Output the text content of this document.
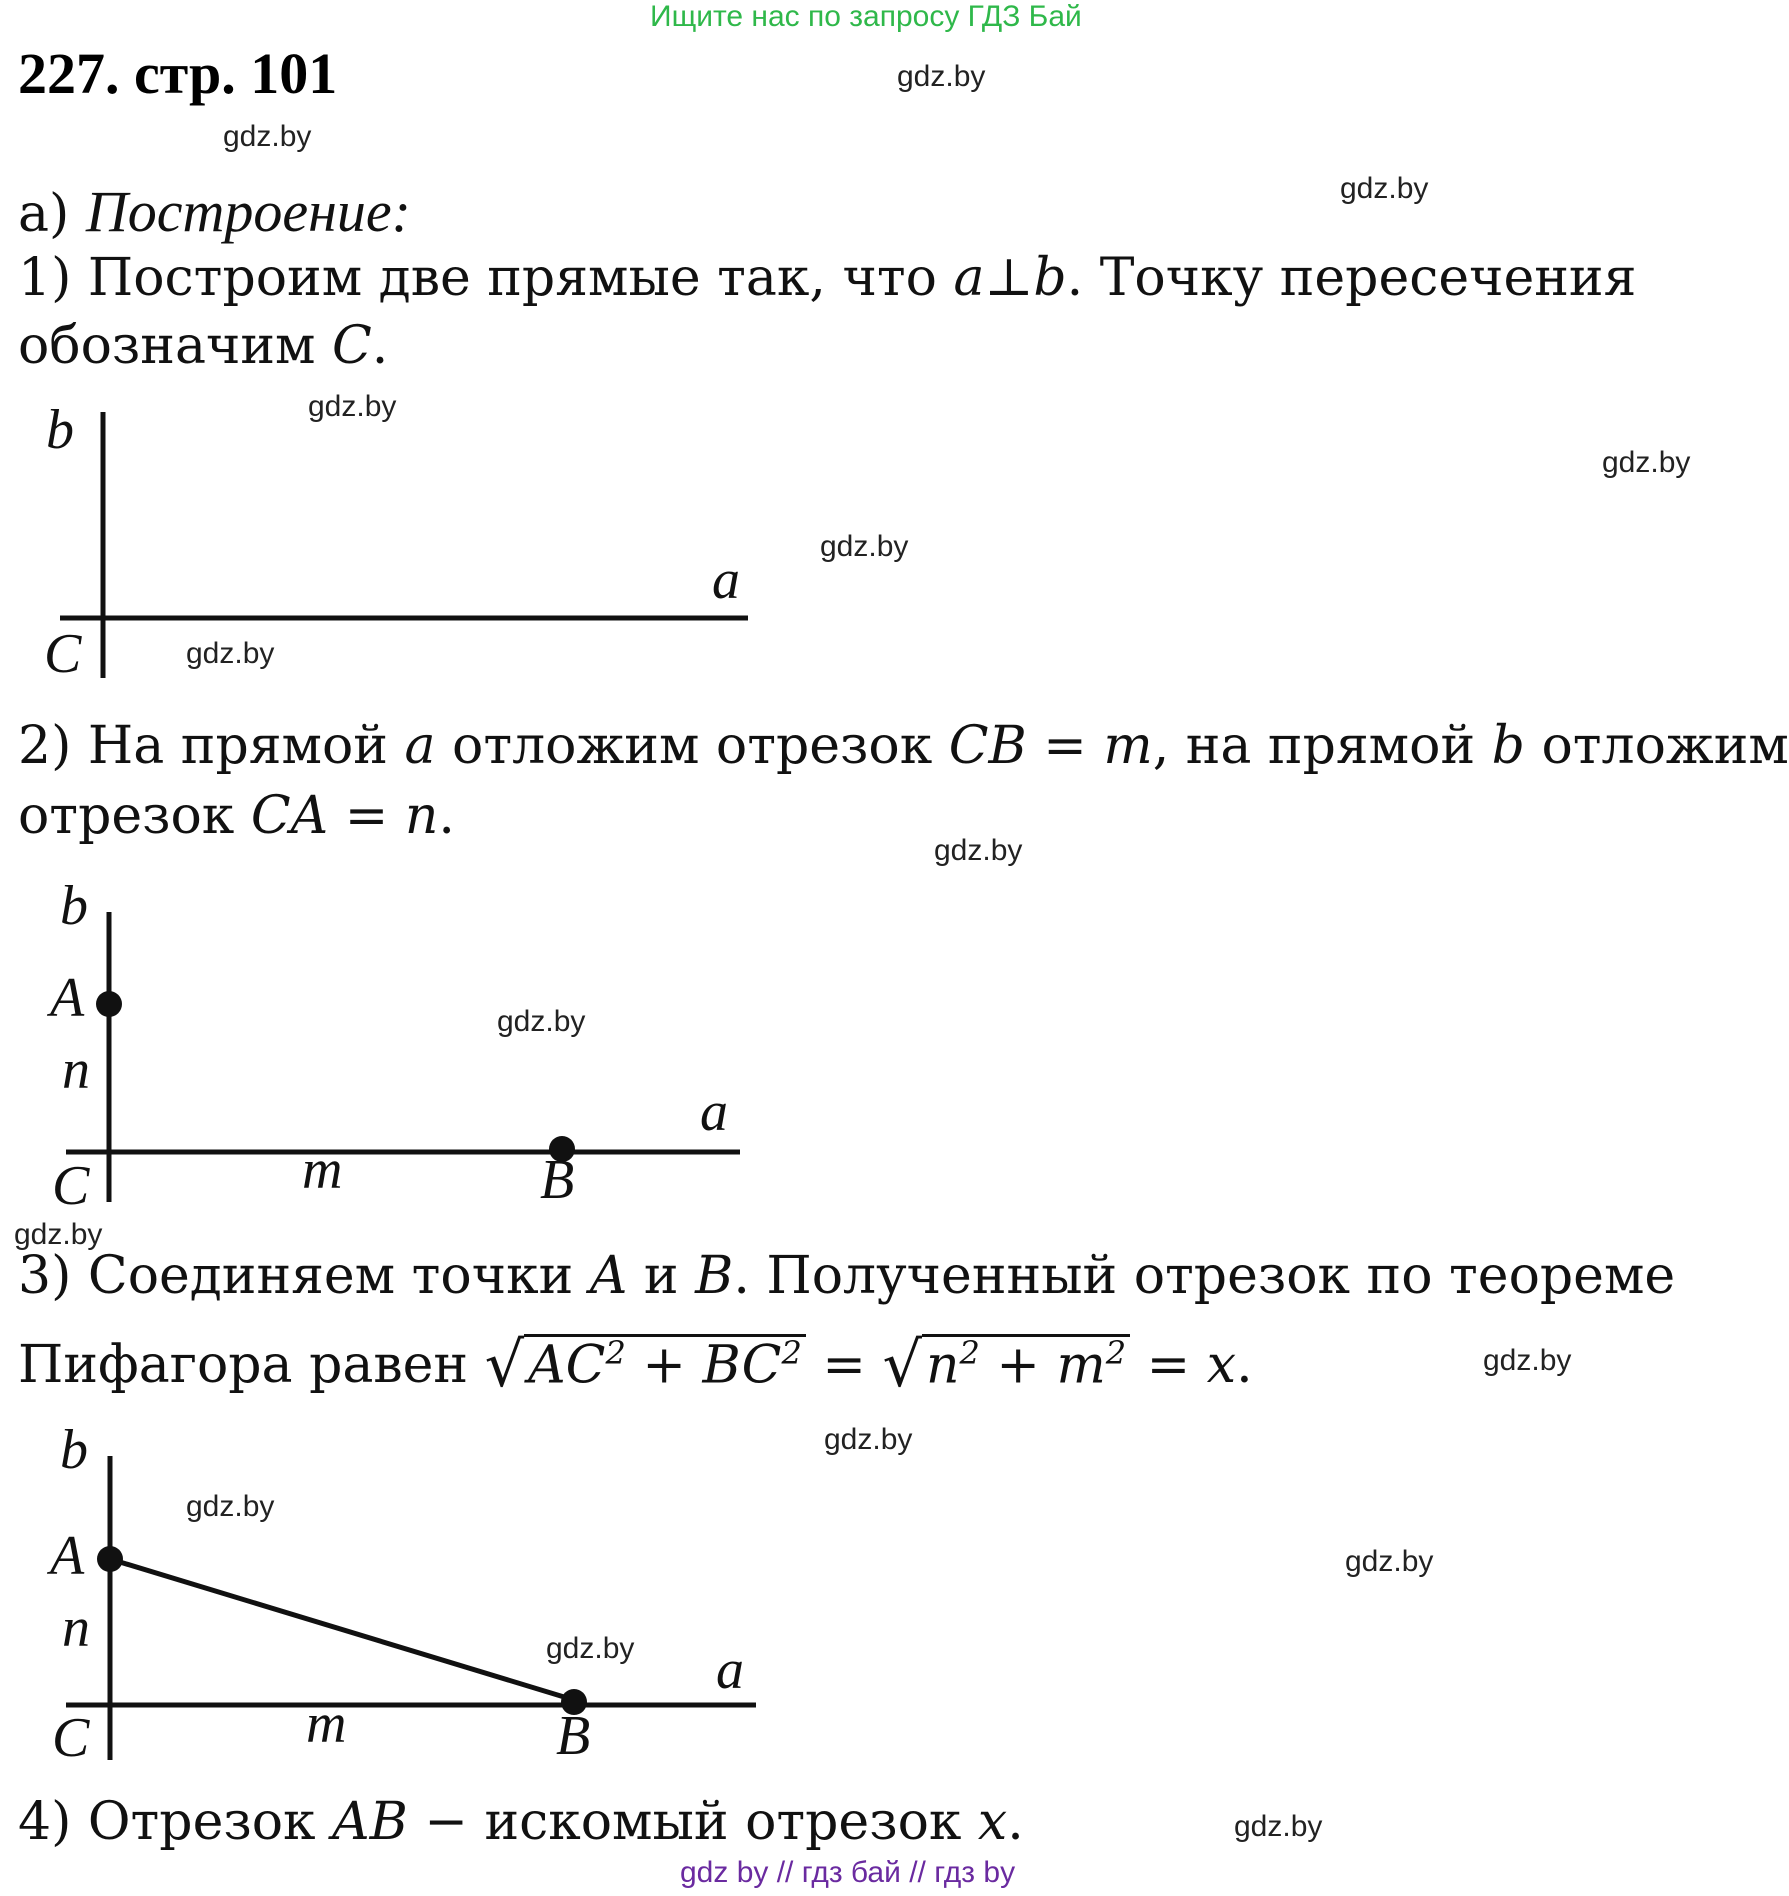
Ищите нас по запросу ГДЗ Бай
227. стр. 101	gdz.by
gdz.by
gdz.by
gdz.by
gdz.by
gdz.by
gdz.by
gdz.by
gdz.by
gdz.by
gdz.by
gdz.by
gdz.by
gdz.by
gdz.by
gdz.by
а) Построение:
1) Построим две прямые так, что a⊥b. Точку пересечения
обозначим C.
b
a
C
2) На прямой a отложим отрезок CB = m, на прямой b отложим
отрезок CA = n.
b
A
n
a
C	m	B
3) Соединяем точки A и B. Полученный отрезок по теореме
Пифагора равен $√AC^2 + BC^2 = √n^2 + m^2 = x$.
b
A
n
a
C	m	B
4) Отрезок AB − искомый отрезок x.
gdz by // гдз бай // гдз by
